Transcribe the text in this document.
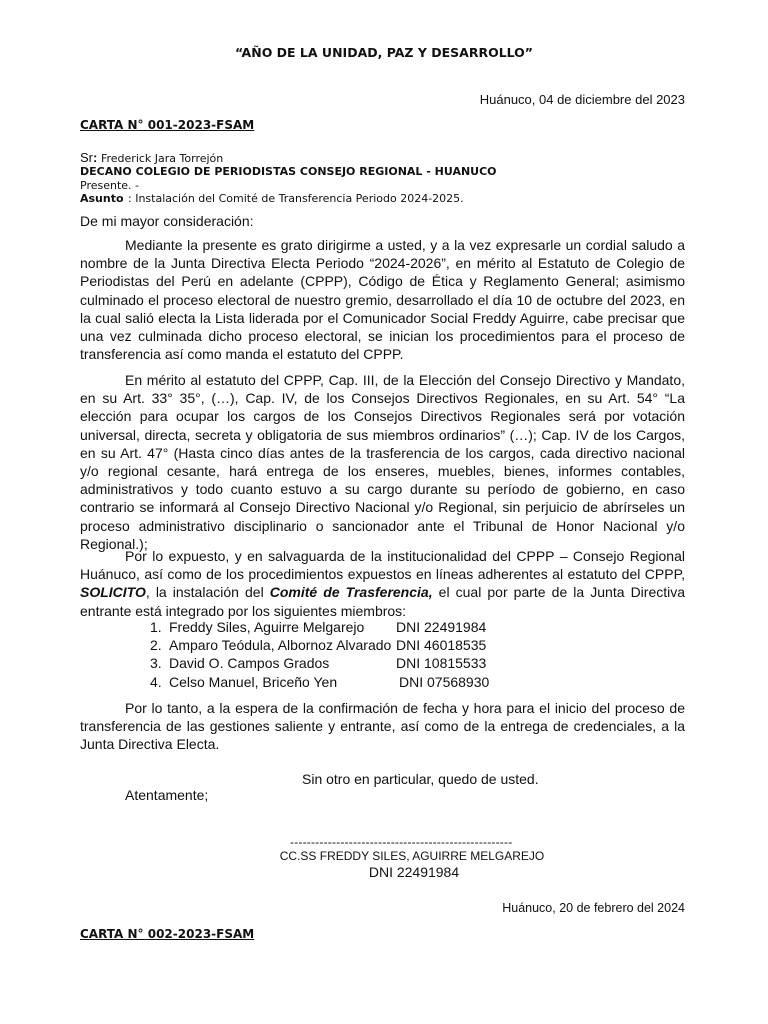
“AÑO DE LA UNIDAD, PAZ Y DESARROLLO”
Huánuco, 04 de diciembre del 2023
CARTA N° 001-2023-FSAM
Sr: Frederick Jara Torrejón
DECANO COLEGIO DE PERIODISTAS CONSEJO REGIONAL - HUANUCO
Presente. -
Asunto : Instalación del Comité de Transferencia Periodo 2024-2025.
De mi mayor consideración:

Mediante la presente es grato dirigirme a usted, y a la vez expresarle un cordial saludo a nombre de la Junta Directiva Electa Periodo “2024-2026”, en mérito al Estatuto de Colegio de Periodistas del Perú en adelante (CPPP), Código de Ética y Reglamento General; asimismo culminado el proceso electoral de nuestro gremio, desarrollado el día 10 de octubre del 2023, en la cual salió electa la Lista liderada por el Comunicador Social Freddy Aguirre, cabe precisar que una vez culminada dicho proceso electoral, se inician los procedimientos para el proceso de transferencia así como manda el estatuto del CPPP.

En mérito al estatuto del CPPP, Cap. III, de la Elección del Consejo Directivo y Mandato, en su Art. 33° 35°, (…), Cap. IV, de los Consejos Directivos Regionales, en su Art. 54° “La elección para ocupar los cargos de los Consejos Directivos Regionales será por votación universal, directa, secreta y obligatoria de sus miembros ordinarios” (…); Cap. IV de los Cargos, en su Art. 47° (Hasta cinco días antes de la trasferencia de los cargos, cada directivo nacional y/o regional cesante, hará entrega de los enseres, muebles, bienes, informes contables, administrativos y todo cuanto estuvo a su cargo durante su período de gobierno, en caso contrario se informará al Consejo Directivo Nacional y/o Regional, sin perjuicio de abrírseles un proceso administrativo disciplinario o sancionador ante el Tribunal de Honor Nacional y/o Regional.);

Por lo expuesto, y en salvaguarda de la institucionalidad del CPPP – Consejo Regional Huánuco, así como de los procedimientos expuestos en líneas adherentes al estatuto del CPPP, SOLICITO, la instalación del Comité de Trasferencia, el cual por parte de la Junta Directiva entrante está integrado por los siguientes miembros:

1. Freddy Siles, Aguirre Melgarejo DNI 22491984
2. Amparo Teódula, Albornoz Alvarado DNI 46018535
3. David O. Campos Grados	DNI 10815533
4. Celso Manuel, Briceño Yen	DNI 07568930

Por lo tanto, a la espera de la confirmación de fecha y hora para el inicio del proceso de transferencia de las gestiones saliente y entrante, así como de la entrega de credenciales, a la Junta Directiva Electa.

Sin otro en particular, quedo de usted.
Atentamente;
-----------------------------------------------------
CC.SS FREDDY SILES, AGUIRRE MELGAREJO
DNI 22491984
Huánuco, 20 de febrero del 2024
CARTA N° 002-2023-FSAM
